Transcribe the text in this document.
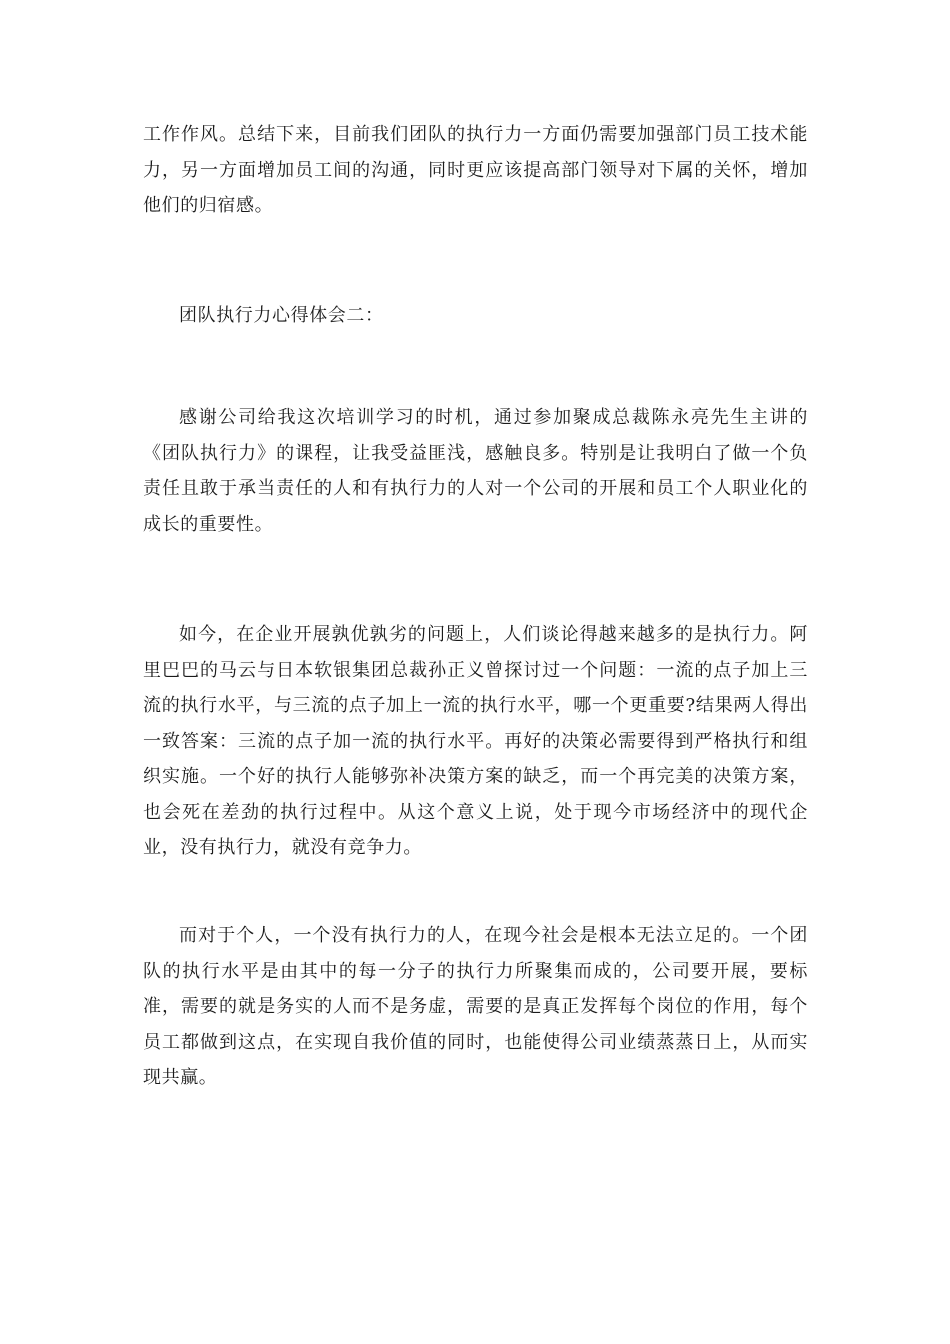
工作作风。总结下来，目前我们团队的执行力一方面仍需要加强部门员工技术能力，另一方面增加员工间的沟通，同时更应该提高部门领导对下属的关怀，增加他们的归宿感。

团队执行力心得体会二：

感谢公司给我这次培训学习的时机，通过参加聚成总裁陈永亮先生主讲的《团队执行力》的课程，让我受益匪浅，感触良多。特别是让我明白了做一个负责任且敢于承当责任的人和有执行力的人对一个公司的开展和员工个人职业化的成长的重要性。

如今，在企业开展孰优孰劣的问题上，人们谈论得越来越多的是执行力。阿里巴巴的马云与日本软银集团总裁孙正义曾探讨过一个问题：一流的点子加上三流的执行水平，与三流的点子加上一流的执行水平，哪一个更重要?结果两人得出一致答案：三流的点子加一流的执行水平。再好的决策必需要得到严格执行和组织实施。一个好的执行人能够弥补决策方案的缺乏，而一个再完美的决策方案，也会死在差劲的执行过程中。从这个意义上说，处于现今市场经济中的现代企业，没有执行力，就没有竞争力。

而对于个人，一个没有执行力的人，在现今社会是根本无法立足的。一个团队的执行水平是由其中的每一分子的执行力所聚集而成的，公司要开展，要标准，需要的就是务实的人而不是务虚，需要的是真正发挥每个岗位的作用，每个员工都做到这点，在实现自我价值的同时，也能使得公司业绩蒸蒸日上，从而实现共赢。
